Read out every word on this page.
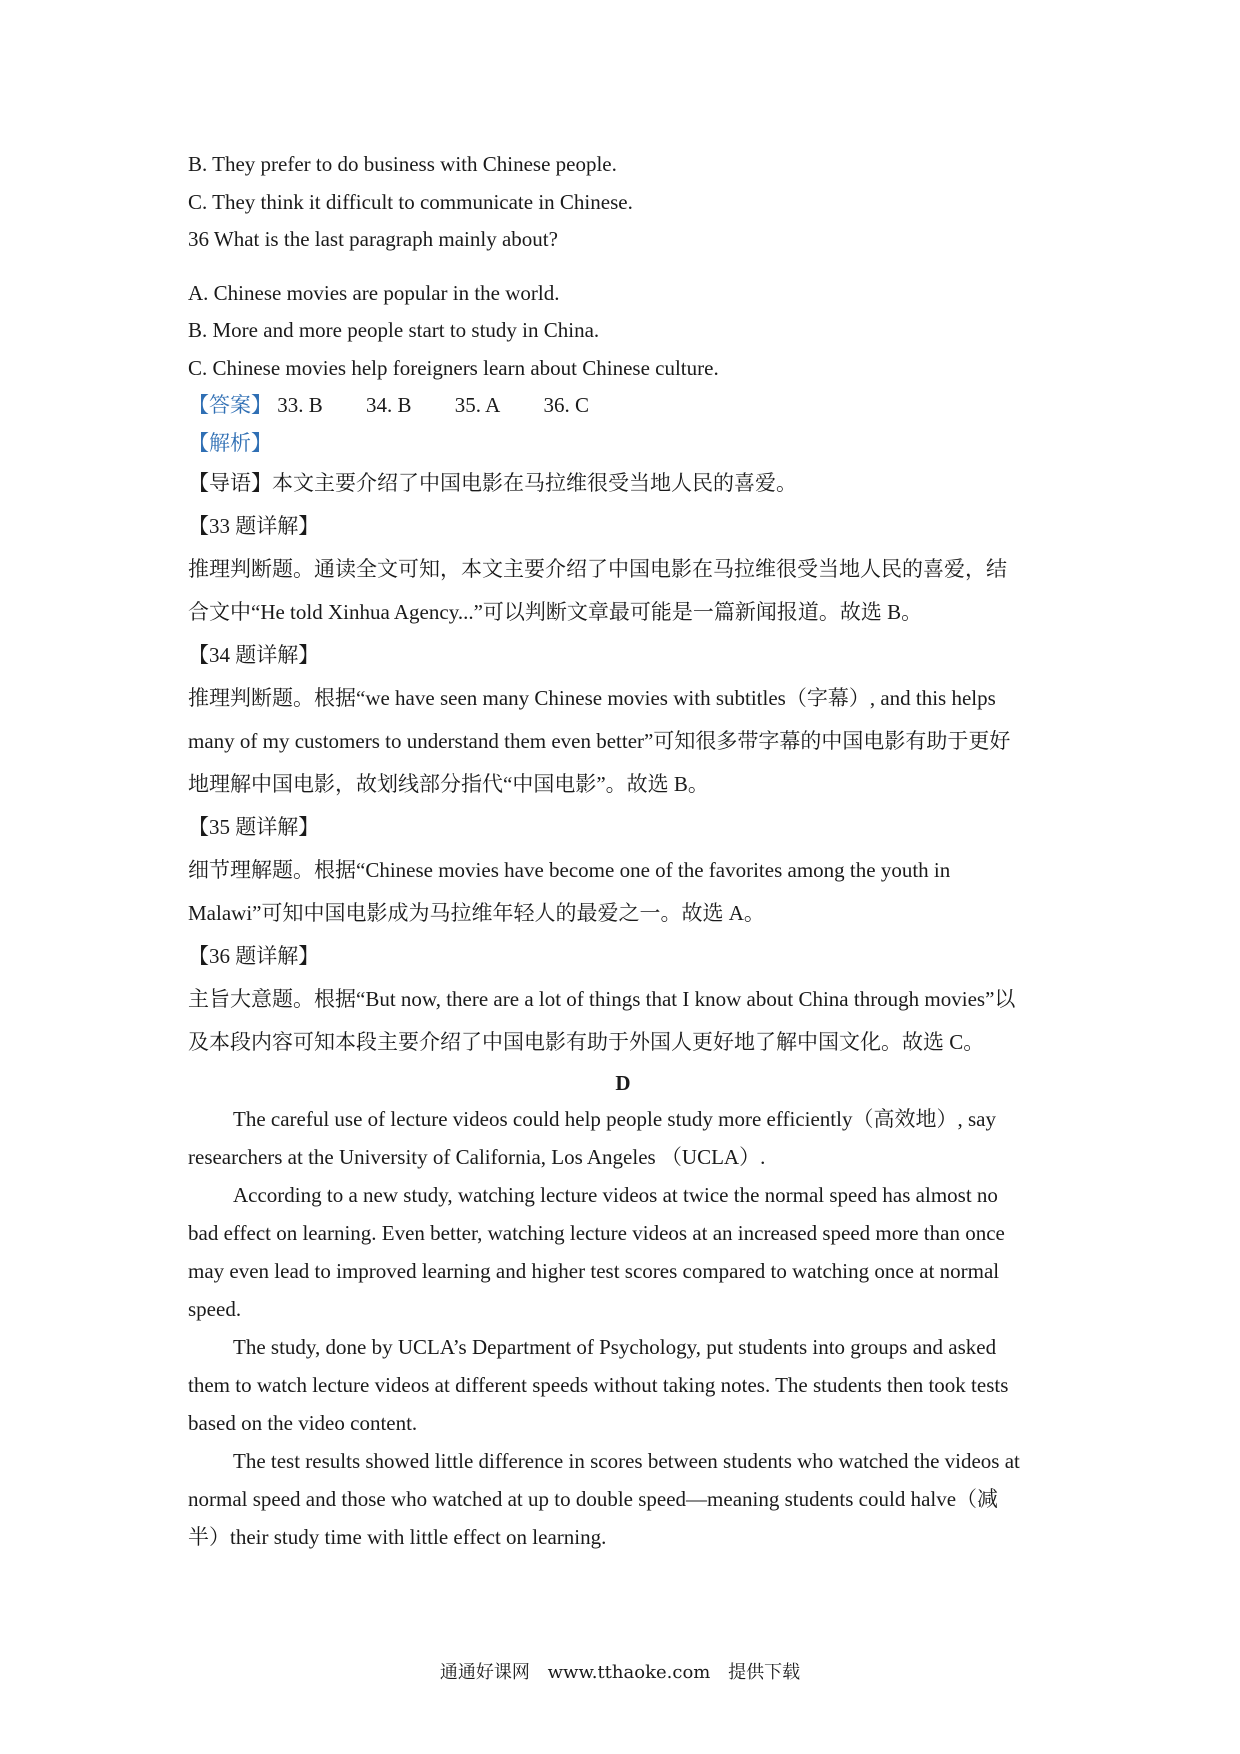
B. They prefer to do business with Chinese people.
C. They think it difficult to communicate in Chinese.
36 What is the last paragraph mainly about?
A. Chinese movies are popular in the world.
B. More and more people start to study in China.
C. Chinese movies help foreigners learn about Chinese culture.
【答案】 33. B 34. B 35. A 36. C
【解析】
【导语】本文主要介绍了中国电影在马拉维很受当地人民的喜爱。
【33 题详解】
推理判断题。通读全文可知，本文主要介绍了中国电影在马拉维很受当地人民的喜爱，结
合文中“He told Xinhua Agency...”可以判断文章最可能是一篇新闻报道。故选 B。
【34 题详解】
推理判断题。根据“we have seen many Chinese movies with subtitles（字幕）, and this helps
many of my customers to understand them even better”可知很多带字幕的中国电影有助于更好
地理解中国电影，故划线部分指代“中国电影”。故选 B。
【35 题详解】
细节理解题。根据“Chinese movies have become one of the favorites among the youth in
Malawi”可知中国电影成为马拉维年轻人的最爱之一。故选 A。
【36 题详解】
主旨大意题。根据“But now, there are a lot of things that I know about China through movies”以
及本段内容可知本段主要介绍了中国电影有助于外国人更好地了解中国文化。故选 C。
D
The careful use of lecture videos could help people study more efficiently（高效地）, say
researchers at the University of California, Los Angeles （UCLA）.
According to a new study, watching lecture videos at twice the normal speed has almost no
bad effect on learning. Even better, watching lecture videos at an increased speed more than once
may even lead to improved learning and higher test scores compared to watching once at normal
speed.
The study, done by UCLA’s Department of Psychology, put students into groups and asked
them to watch lecture videos at different speeds without taking notes. The students then took tests
based on the video content.
The test results showed little difference in scores between students who watched the videos at
normal speed and those who watched at up to double speed—meaning students could halve（减
半）their study time with little effect on learning.
通通好课网 www.tthaoke.com 提供下载
